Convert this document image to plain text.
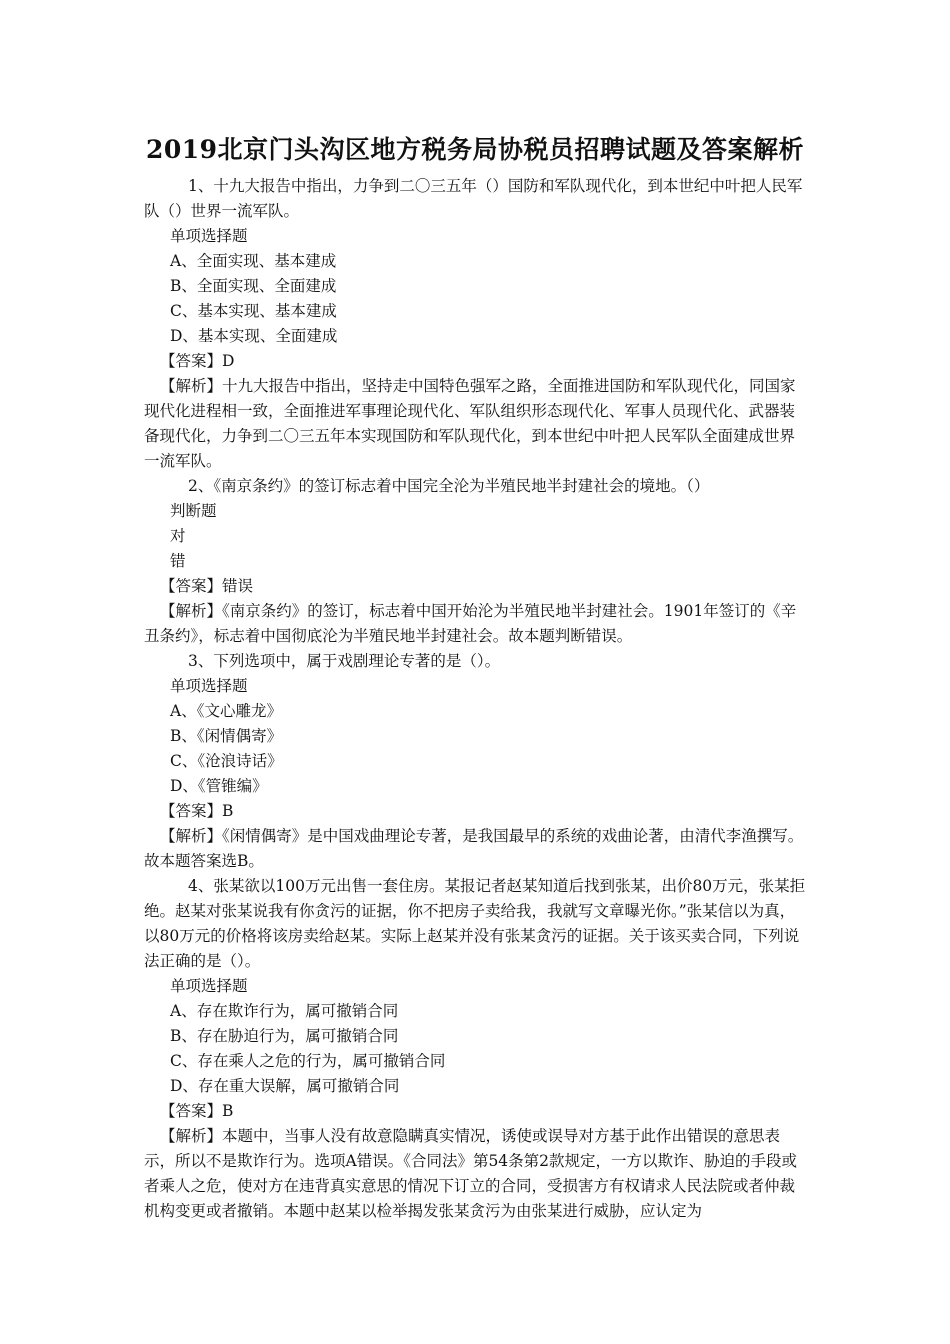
2019北京门头沟区地方税务局协税员招聘试题及答案解析

1、十九大报告中指出，力争到二〇三五年（）国防和军队现代化，到本世纪中叶把人民军队（）世界一流军队。

单项选择题

A、全面实现、基本建成

B、全面实现、全面建成

C、基本实现、基本建成

D、基本实现、全面建成

【答案】D

【解析】十九大报告中指出，坚持走中国特色强军之路，全面推进国防和军队现代化，同国家现代化进程相一致，全面推进军事理论现代化、军队组织形态现代化、军事人员现代化、武器装备现代化，力争到二〇三五年本实现国防和军队现代化，到本世纪中叶把人民军队全面建成世界一流军队。

2、《南京条约》的签订标志着中国完全沦为半殖民地半封建社会的境地。（）

判断题

对

错

【答案】错误

【解析】《南京条约》的签订，标志着中国开始沦为半殖民地半封建社会。1901年签订的《辛丑条约》，标志着中国彻底沦为半殖民地半封建社会。故本题判断错误。

3、下列选项中，属于戏剧理论专著的是（）。

单项选择题

A、《文心雕龙》

B、《闲情偶寄》

C、《沧浪诗话》

D、《管锥编》

【答案】B

【解析】《闲情偶寄》是中国戏曲理论专著，是我国最早的系统的戏曲论著，由清代李渔撰写。故本题答案选B。

4、张某欲以100万元出售一套住房。某报记者赵某知道后找到张某，出价80万元，张某拒绝。赵某对张某说我有你贪污的证据，你不把房子卖给我，我就写文章曝光你。”张某信以为真，以80万元的价格将该房卖给赵某。实际上赵某并没有张某贪污的证据。关于该买卖合同，下列说法正确的是（）。

单项选择题

A、存在欺诈行为，属可撤销合同

B、存在胁迫行为，属可撤销合同

C、存在乘人之危的行为，属可撤销合同

D、存在重大误解，属可撤销合同

【答案】B

【解析】本题中，当事人没有故意隐瞒真实情况，诱使或误导对方基于此作出错误的意思表示，所以不是欺诈行为。选项A错误。《合同法》第54条第2款规定，一方以欺诈、胁迫的手段或者乘人之危，使对方在违背真实意思的情况下订立的合同，受损害方有权请求人民法院或者仲裁机构变更或者撤销。本题中赵某以检举揭发张某贪污为由张某进行威胁，应认定为
